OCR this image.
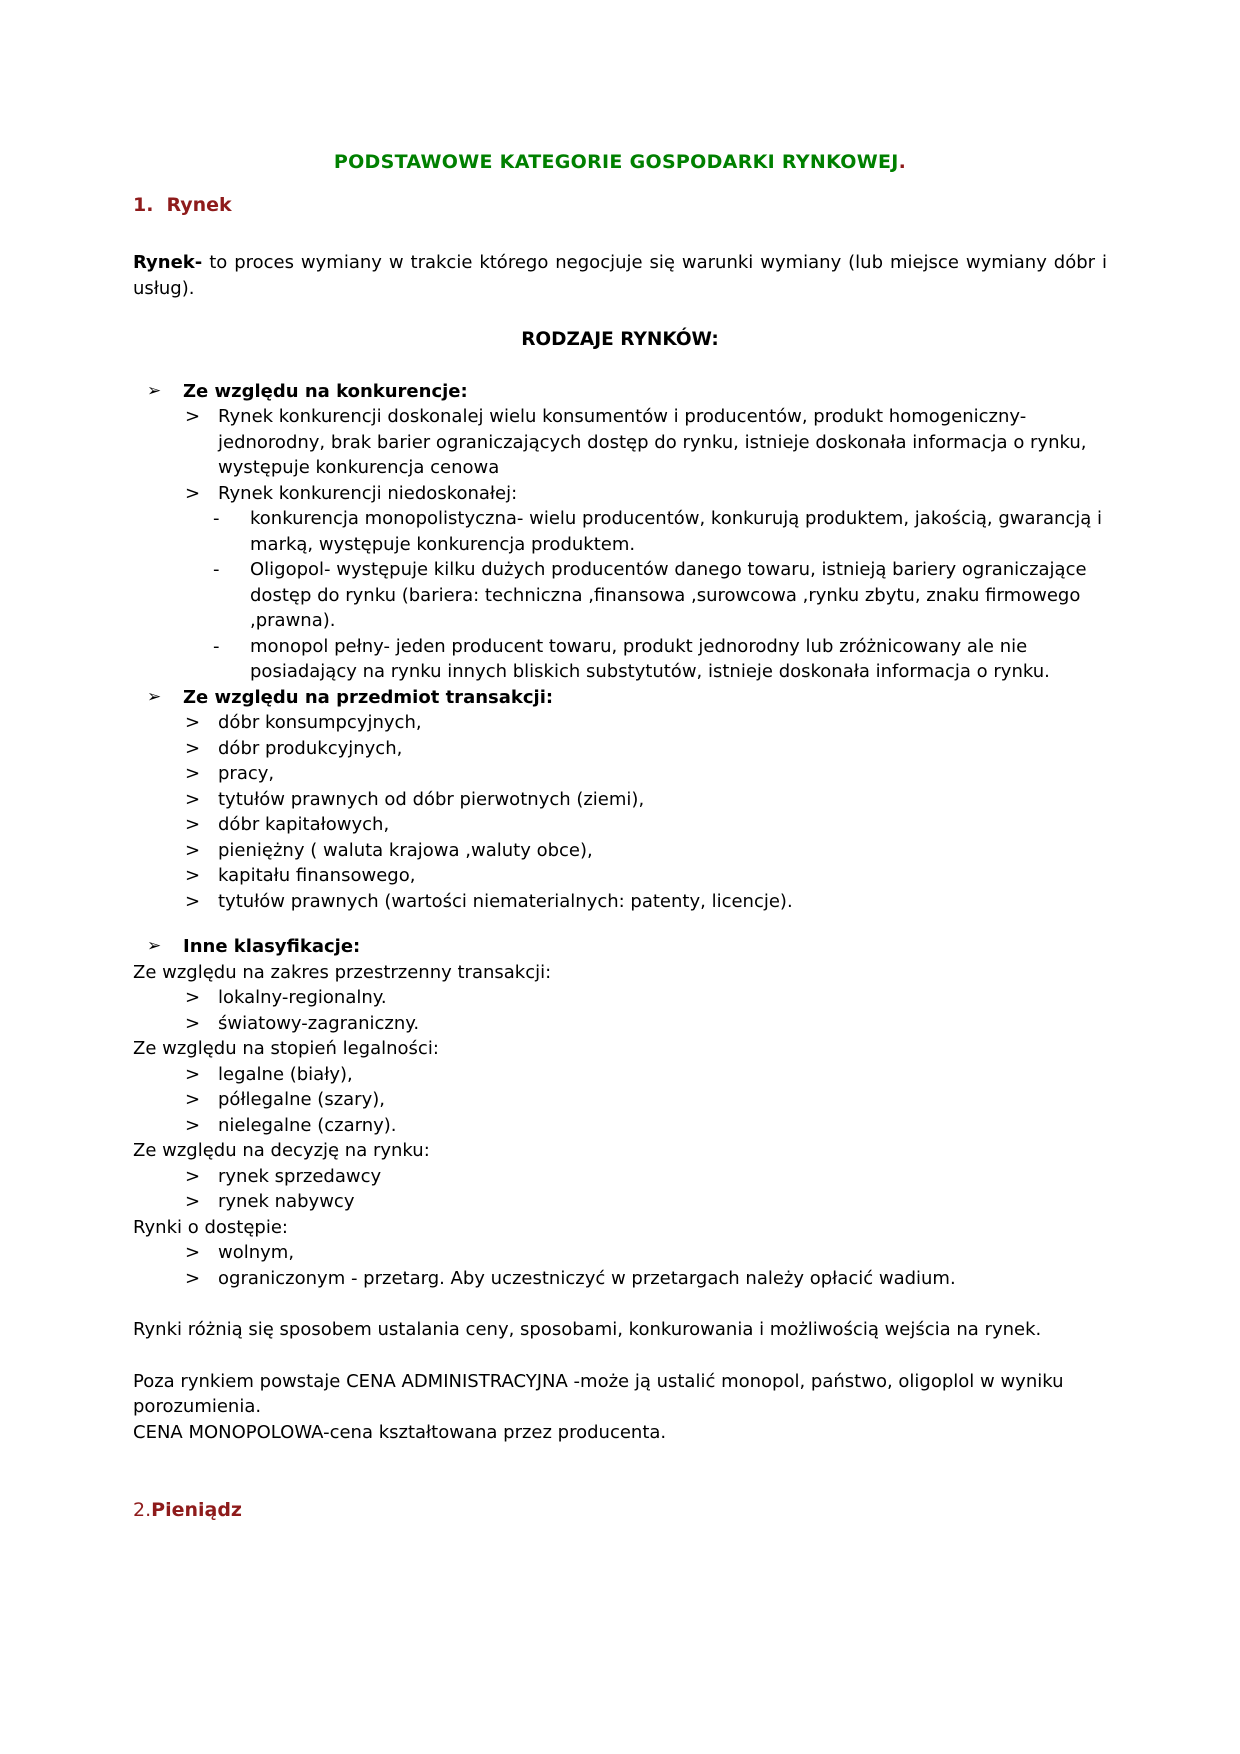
PODSTAWOWE KATEGORIE GOSPODARKI RYNKOWEJ.
1. Rynek

Rynek- to proces wymiany w trakcie którego negocjuje się warunki wymiany (lub miejsce wymiany dóbr i usług).

RODZAJE RYNKÓW:
➢	Ze względu na konkurencje:
> Rynek konkurencji doskonalej wielu konsumentów i producentów, produkt homogeniczny-jednorodny, brak barier ograniczających dostęp do rynku, istnieje doskonała informacja o rynku, występuje konkurencja cenowa
> Rynek konkurencji niedoskonałej:
-	konkurencja monopolistyczna- wielu producentów, konkurują produktem, jakością, gwarancją i marką, występuje konkurencja produktem.
-	Oligopol- występuje kilku dużych producentów danego towaru, istnieją bariery ograniczające dostęp do rynku (bariera: techniczna ,finansowa ,surowcowa ,rynku zbytu, znaku firmowego ,prawna).
-	monopol pełny- jeden producent towaru, produkt jednorodny lub zróżnicowany ale nie posiadający na rynku innych bliskich substytutów, istnieje doskonała informacja o rynku.
➢	Ze względu na przedmiot transakcji:
> dóbr konsumpcyjnych,
> dóbr produkcyjnych,
> pracy,
> tytułów prawnych od dóbr pierwotnych (ziemi),
> dóbr kapitałowych,
> pieniężny ( waluta krajowa ,waluty obce),
> kapitału finansowego,
> tytułów prawnych (wartości niematerialnych: patenty, licencje).
➢	Inne klasyfikacje:

Ze względu na zakres przestrzenny transakcji:

> lokalny-regionalny.
> światowy-zagraniczny.

Ze względu na stopień legalności:

> legalne (biały),
> półlegalne (szary),
> nielegalne (czarny).

Ze względu na decyzję na rynku:

> rynek sprzedawcy
> rynek nabywcy

Rynki o dostępie:

> wolnym,
> ograniczonym - przetarg. Aby uczestniczyć w przetargach należy opłacić wadium.

Rynki różnią się sposobem ustalania ceny, sposobami, konkurowania i możliwością wejścia na rynek.

Poza rynkiem powstaje CENA ADMINISTRACYJNA -może ją ustalić monopol, państwo, oligoplol w wyniku porozumienia.

CENA MONOPOLOWA-cena kształtowana przez producenta.

2.Pieniądz
